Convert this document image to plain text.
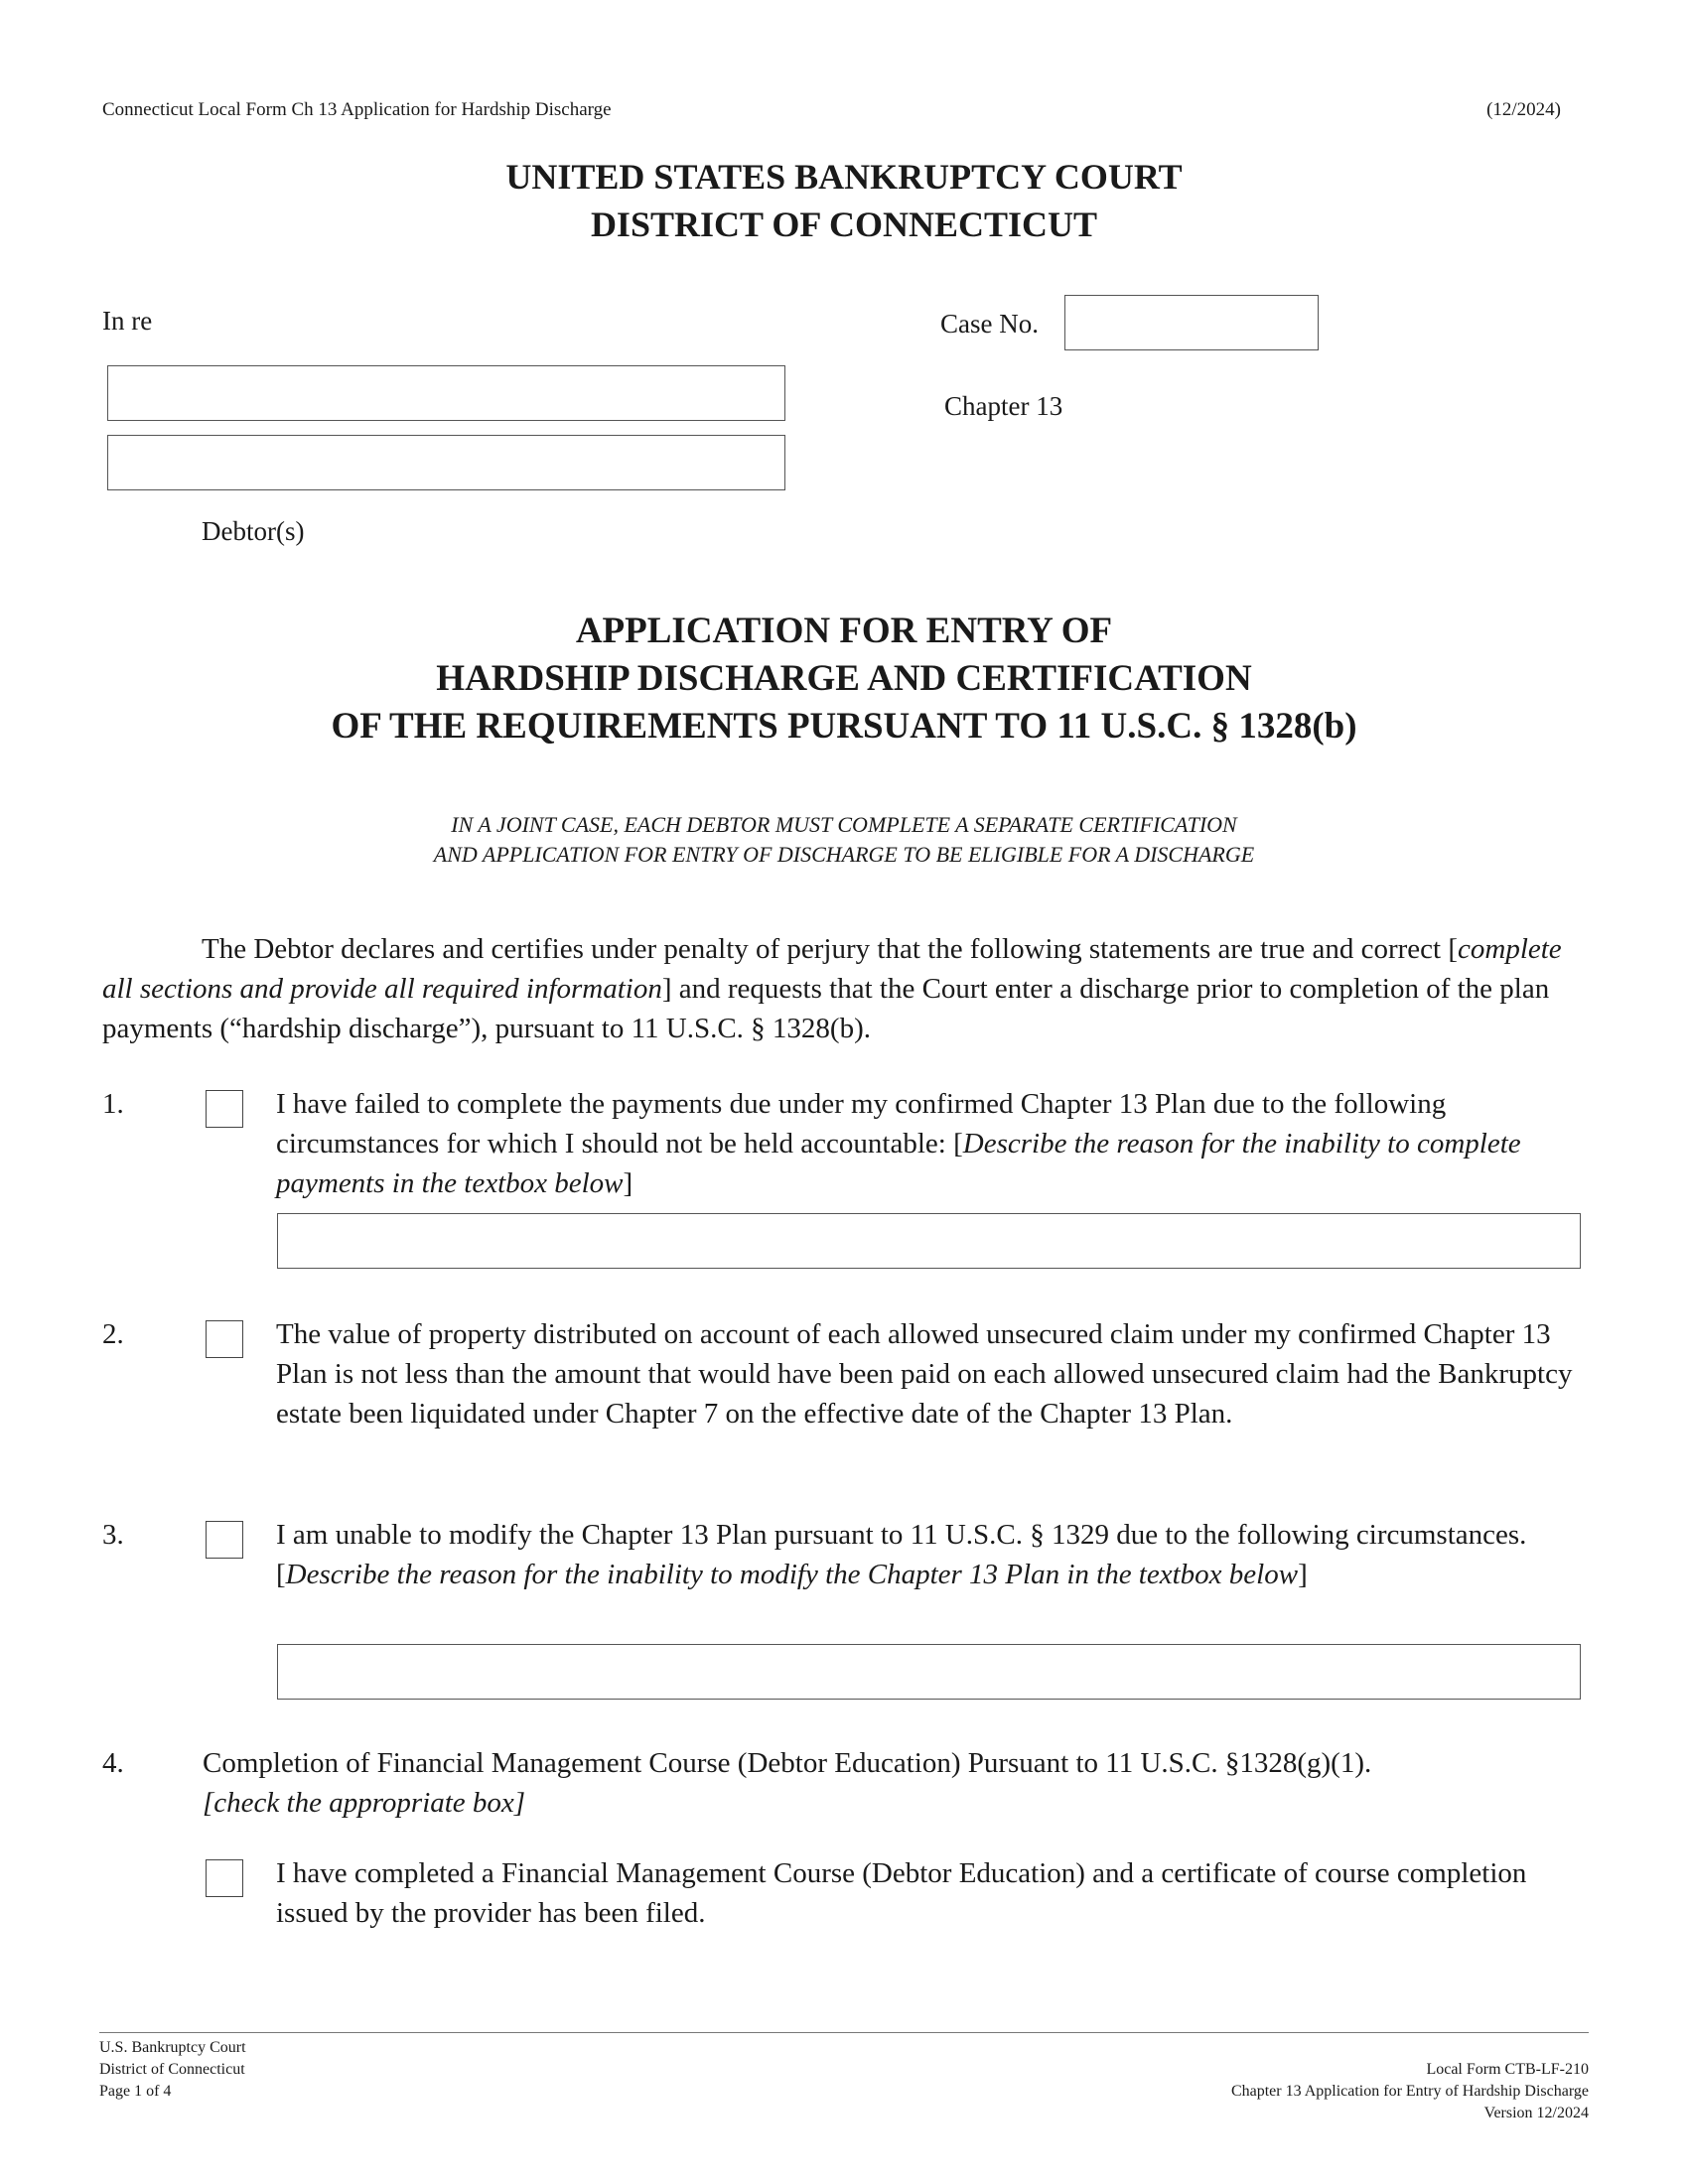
Connecticut Local Form Ch 13 Application for Hardship Discharge	(12/2024)
UNITED STATES BANKRUPTCY COURT
DISTRICT OF CONNECTICUT
In re
Debtor(s)
Case No.
Chapter 13
APPLICATION FOR ENTRY OF
HARDSHIP DISCHARGE AND CERTIFICATION
OF THE REQUIREMENTS PURSUANT TO 11 U.S.C. § 1328(b)
IN A JOINT CASE, EACH DEBTOR MUST COMPLETE A SEPARATE CERTIFICATION
AND APPLICATION FOR ENTRY OF DISCHARGE TO BE ELIGIBLE FOR A DISCHARGE
The Debtor declares and certifies under penalty of perjury that the following statements are true and correct [complete all sections and provide all required information] and requests that the Court enter a discharge prior to completion of the plan payments (“hardship discharge”), pursuant to 11 U.S.C. § 1328(b).
1.	I have failed to complete the payments due under my confirmed Chapter 13 Plan due to the following circumstances for which I should not be held accountable: [Describe the reason for the inability to complete payments in the textbox below]
2.	The value of property distributed on account of each allowed unsecured claim under my confirmed Chapter 13 Plan is not less than the amount that would have been paid on each allowed unsecured claim had the Bankruptcy estate been liquidated under Chapter 7 on the effective date of the Chapter 13 Plan.
3.	I am unable to modify the Chapter 13 Plan pursuant to 11 U.S.C. § 1329 due to the following circumstances. [Describe the reason for the inability to modify the Chapter 13 Plan in the textbox below]
4.	Completion of Financial Management Course (Debtor Education) Pursuant to 11 U.S.C. §1328(g)(1).
[check the appropriate box]
I have completed a Financial Management Course (Debtor Education) and a certificate of course completion issued by the provider has been filed.
U.S. Bankruptcy Court
District of Connecticut
Page 1 of 4
Local Form CTB-LF-210
Chapter 13 Application for Entry of Hardship Discharge
Version 12/2024
